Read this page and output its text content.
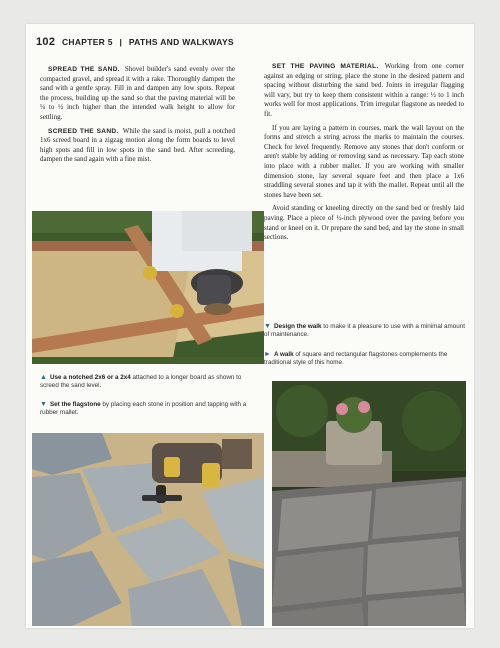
102 CHAPTER 5 | PATHS AND WALKWAYS

SPREAD THE SAND. Shovel builder's sand evenly over the compacted gravel, and spread it with a rake. Thoroughly dampen the sand with a gentle spray. Fill in and dampen any low spots. Repeat the process, building up the sand so that the paving material will be ¼ to ½ inch higher than the intended walk height to allow for settling.

SCREED THE SAND. While the sand is moist, pull a notched 1x6 screed board in a zigzag motion along the form boards to level high spots and fill in low spots in the sand bed. After screeding, dampen the sand again with a fine mist.

SET THE PAVING MATERIAL. Working from one corner against an edging or string, place the stone in the desired pattern and spacing without disturbing the sand bed. Joints in irregular flagging will vary, but try to keep them consistent within a range: ½ to 1 inch works well for most applications. Trim irregular flagstone as needed to fit.

If you are laying a pattern in courses, mark the wall layout on the forms and stretch a string across the marks to maintain the courses. Check for level frequently. Remove any stones that don't conform or aren't stable by adding or removing sand as necessary. Tap each stone into place with a rubber mallet. If you are working with smaller dimension stone, lay several square feet and then place a 1x6 straddling several stones and tap it with the mallet. Repeat until all the stones have been set.

Avoid standing or kneeling directly on the sand bed or freshly laid paving. Place a piece of ½-inch plywood over the paving before you stand or kneel on it. Or prepare the sand bed, and lay the stone in small sections.

▲ Use a notched 2x6 or a 2x4 attached to a longer board as shown to screed the sand level.
▼ Set the flagstone by placing each stone in position and tapping with a rubber mallet.
▼ Design the walk to make it a pleasure to use with a minimal amount of maintenance.
► A walk of square and rectangular flagstones complements the traditional style of this home.
